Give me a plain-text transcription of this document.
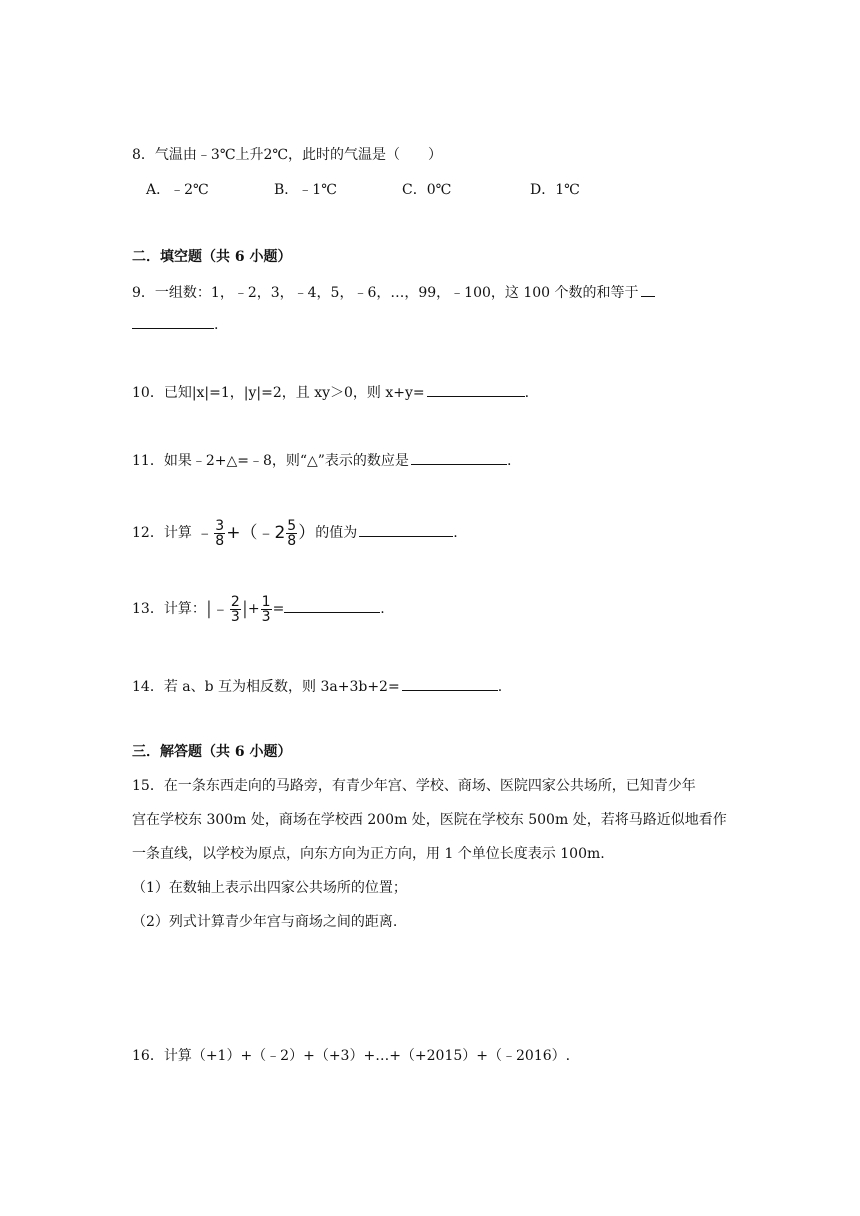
8．气温由﹣3℃上升2℃，此时的气温是（　　）
A．﹣2℃	B．﹣1℃	C．0℃	D．1℃
二．填空题（共 6 小题）
9．一组数：1，﹣2，3，﹣4，5，﹣6，…，99，﹣100，这 100 个数的和等于
.
10．已知|x|=1，|y|=2，且 xy＞0，则 x+y=	.
11．如果﹣2+△=﹣8，则“△”表示的数应是	.
12．计算 ﹣ $\frac{3}{8}$ +（﹣2 $\frac{5}{8}$ ）的值为	.
13．计算：|﹣ $\frac{2}{3}$ |+ $\frac{1}{3}$ =	.
14．若 a、b 互为相反数，则 3a+3b+2=	.
三．解答题（共 6 小题）
15．在一条东西走向的马路旁，有青少年宫、学校、商场、医院四家公共场所，已知青少年
宫在学校东 300m 处，商场在学校西 200m 处，医院在学校东 500m 处，若将马路近似地看作
一条直线，以学校为原点，向东方向为正方向，用 1 个单位长度表示 100m.
（1）在数轴上表示出四家公共场所的位置；
（2）列式计算青少年宫与商场之间的距离.
16．计算（+1）+（﹣2）+（+3）+…+（+2015）+（﹣2016）.
